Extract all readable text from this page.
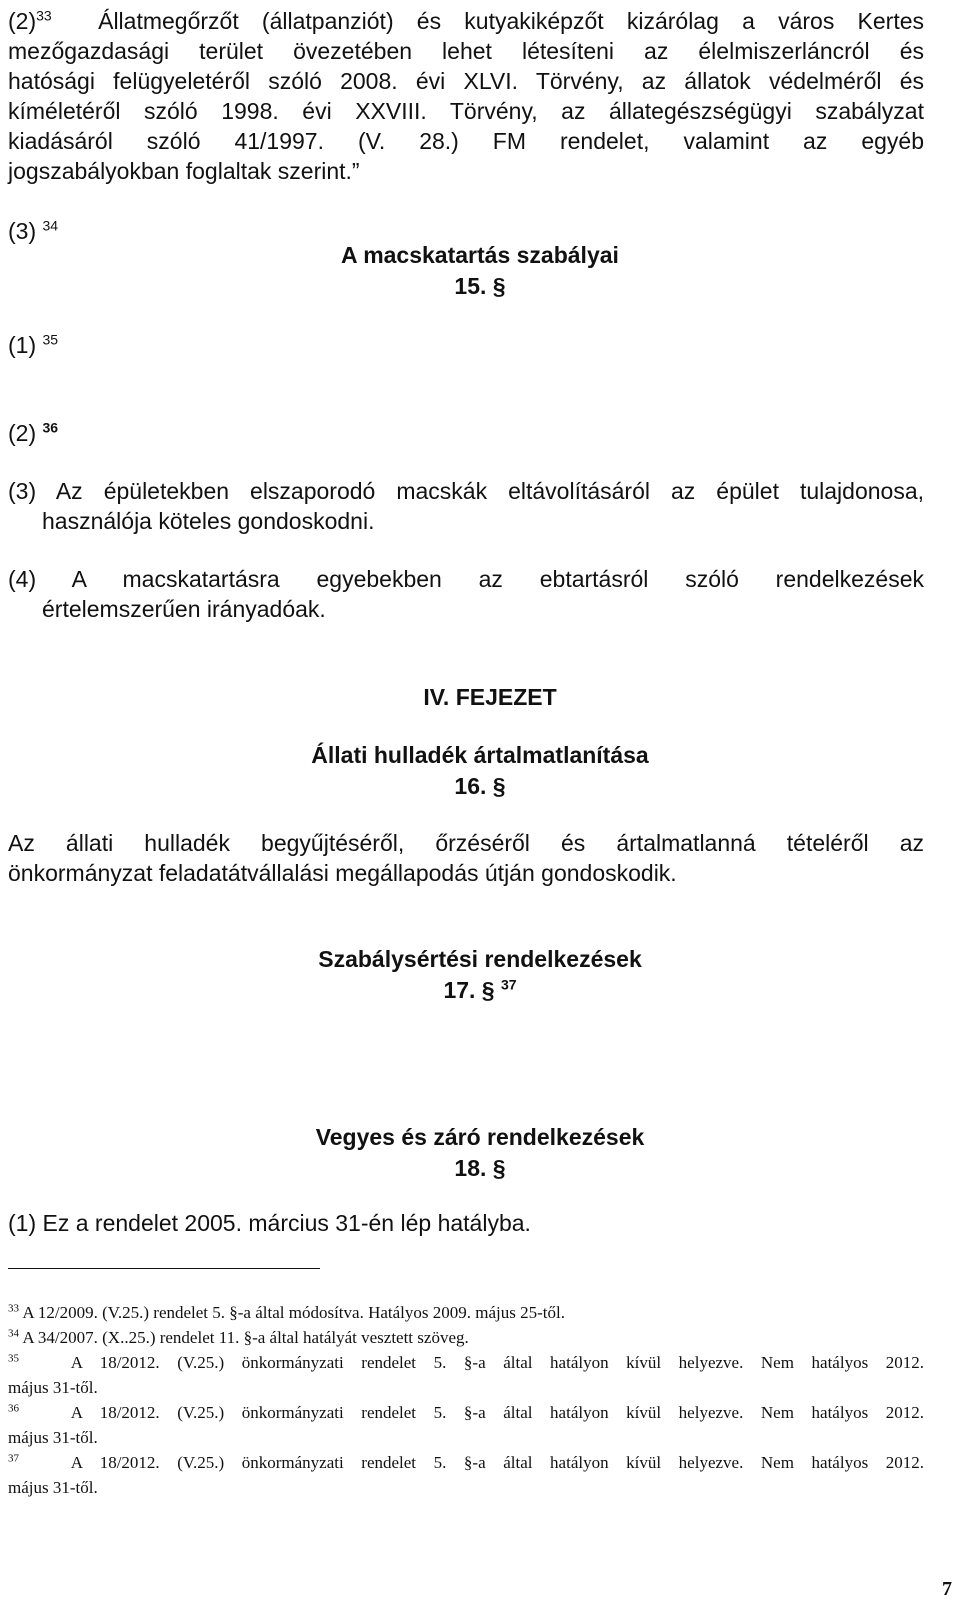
$(2)^{33}$ Állatmegőrzőt (állatpanziót) és kutyakiképzőt kizárólag a város Kertes
mezőgazdasági terület övezetében lehet létesíteni az élelmiszerláncról és
hatósági felügyeletéről szóló 2008. évi XLVI. Törvény, az állatok védelméről és
kíméletéről szóló 1998. évi XXVIII. Törvény, az állategészségügyi szabályzat
kiadásáról szóló 41/1997. (V. 28.) FM rendelet, valamint az egyéb
jogszabályokban foglaltak szerint.”
(3) $^{34}$
A macskatartás szabályai
15. §
(1) $^{35}$
(2) $^{36}$
(3) Az épületekben elszaporodó macskák eltávolításáról az épület tulajdonosa,
használója köteles gondoskodni.
(4) A macskatartásra egyebekben az ebtartásról szóló rendelkezések
értelemszerűen irányadóak.
IV. FEJEZET
Állati hulladék ártalmatlanítása
16. §
Az állati hulladék begyűjtéséről, őrzéséről és ártalmatlanná tételéről az
önkormányzat feladatátvállalási megállapodás útján gondoskodik.
Szabálysértési rendelkezések
17. § $^{37}$
Vegyes és záró rendelkezések
18. §
(1) Ez a rendelet 2005. március 31-én lép hatályba.
$^{33}$ A 12/2009. (V.25.) rendelet 5. §-a által módosítva. Hatályos 2009. május 25-től.
$^{34}$ A 34/2007. (X..25.) rendelet 11. §-a által hatályát vesztett szöveg.
$^{35}$	A 18/2012. (V.25.) önkormányzati rendelet 5. §-a által hatályon kívül helyezve. Nem hatályos 2012.
május 31-től.
$^{36}$	A 18/2012. (V.25.) önkormányzati rendelet 5. §-a által hatályon kívül helyezve. Nem hatályos 2012.
május 31-től.
$^{37}$	A 18/2012. (V.25.) önkormányzati rendelet 5. §-a által hatályon kívül helyezve. Nem hatályos 2012.
május 31-től.
7
